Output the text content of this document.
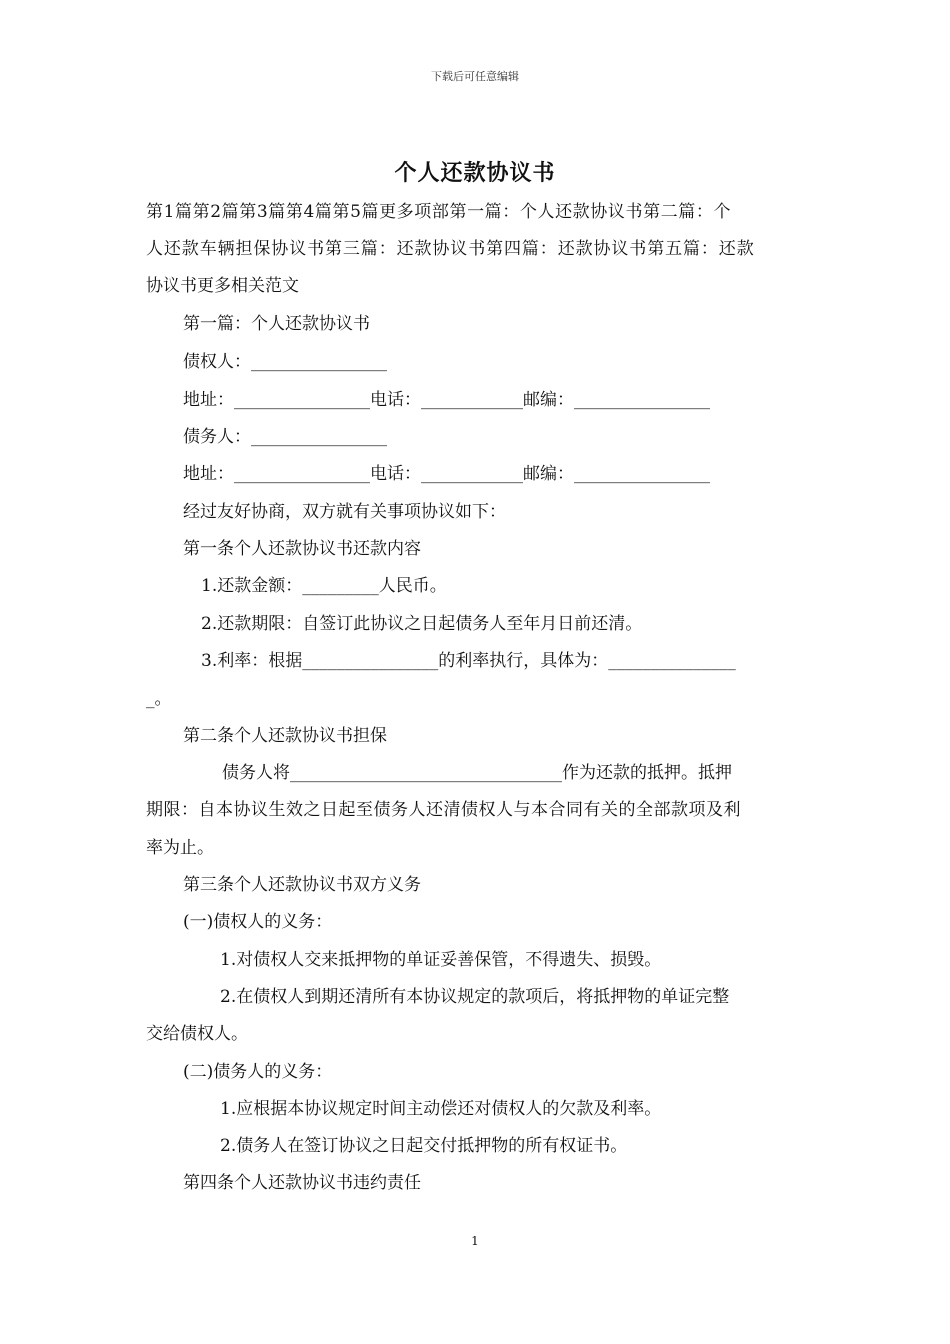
下载后可任意编辑
个人还款协议书
第1篇第2篇第3篇第4篇第5篇更多项部第一篇：个人还款协议书第二篇：个
人还款车辆担保协议书第三篇：还款协议书第四篇：还款协议书第五篇：还款
协议书更多相关范文
第一篇：个人还款协议书
债权人：________________
地址：________________电话：____________邮编：________________
债务人：________________
地址：________________电话：____________邮编：________________
经过友好协商，双方就有关事项协议如下：
第一条个人还款协议书还款内容
1.还款金额：_________人民币。
2.还款期限：自签订此协议之日起债务人至年月日前还清。
3.利率：根据________________的利率执行，具体为：_______________
_。
第二条个人还款协议书担保
债务人将________________________________作为还款的抵押。抵押
期限：自本协议生效之日起至债务人还清债权人与本合同有关的全部款项及利
率为止。
第三条个人还款协议书双方义务
(一)债权人的义务：
1.对债权人交来抵押物的单证妥善保管，不得遗失、损毁。
2.在债权人到期还清所有本协议规定的款项后，将抵押物的单证完整
交给债权人。
(二)债务人的义务：
1.应根据本协议规定时间主动偿还对债权人的欠款及利率。
2.债务人在签订协议之日起交付抵押物的所有权证书。
第四条个人还款协议书违约责任
1
